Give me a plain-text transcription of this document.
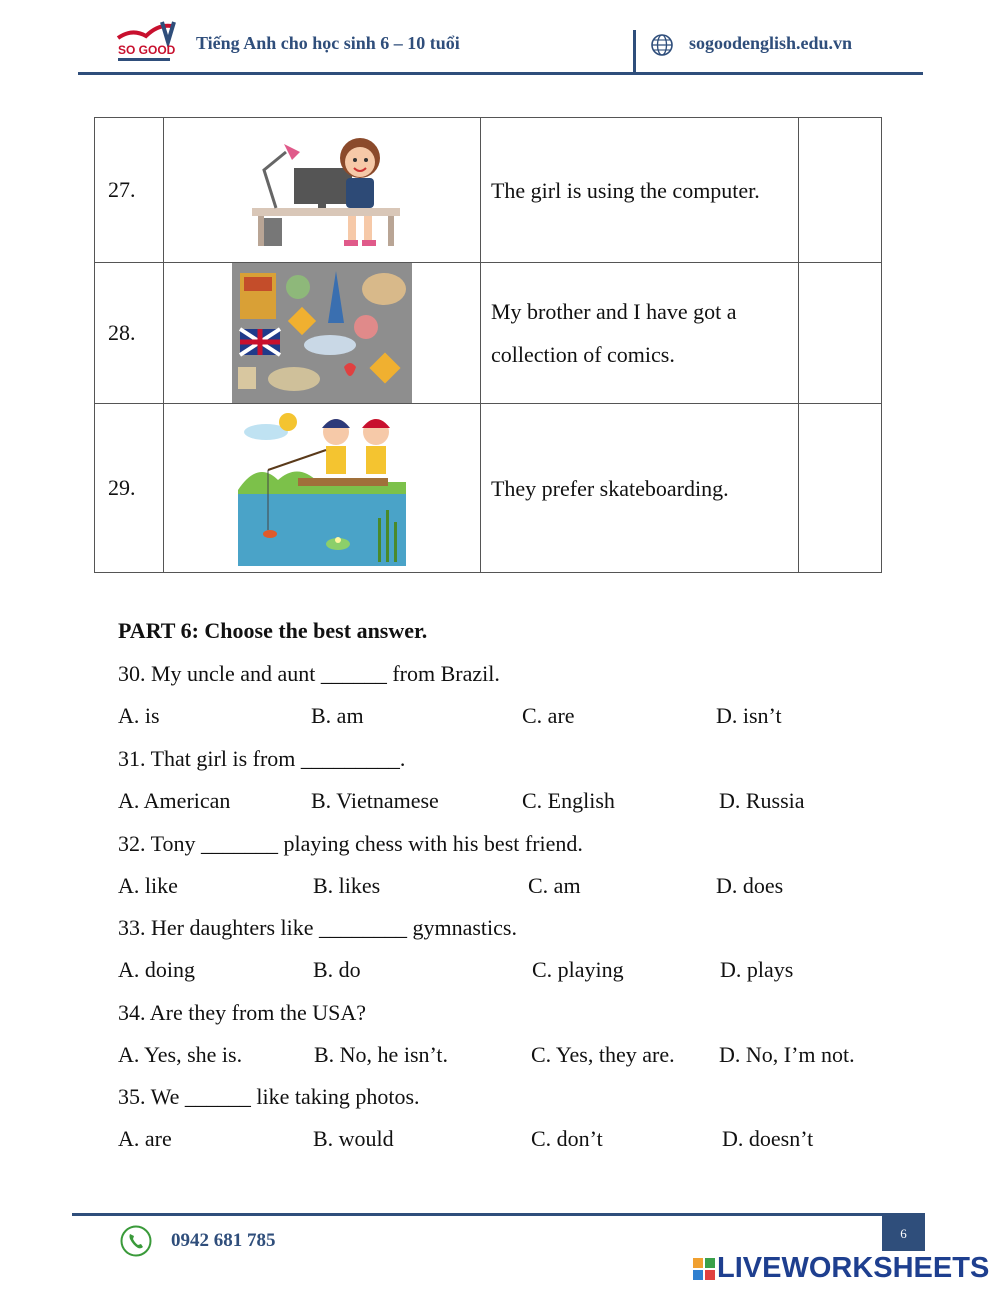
SO GOOD Tiếng Anh cho học sinh 6 – 10 tuổi	sogoodenglish.edu.vn
27.		The girl is using the computer.	
28.		My brother and I have got a collection of comics.	
29.		They prefer skateboarding.	
PART 6: Choose the best answer.
30. My uncle and aunt ______ from Brazil.
A. is	B. am	C. are	D. isn’t
31. That girl is from _________.
A. American	B. Vietnamese	C. English	D. Russia
32. Tony _______ playing chess with his best friend.
A. like	B. likes	C. am	D. does
33. Her daughters like ________ gymnastics.
A. doing	B. do	C. playing	D. plays
34. Are they from the USA?
A. Yes, she is.	B. No, he isn’t.	C. Yes, they are. D. No, I’m not.
35. We ______ like taking photos.
A. are	B. would	C. don’t	D. doesn’t
6
0942 681 785
LIVEWORKSHEETS
